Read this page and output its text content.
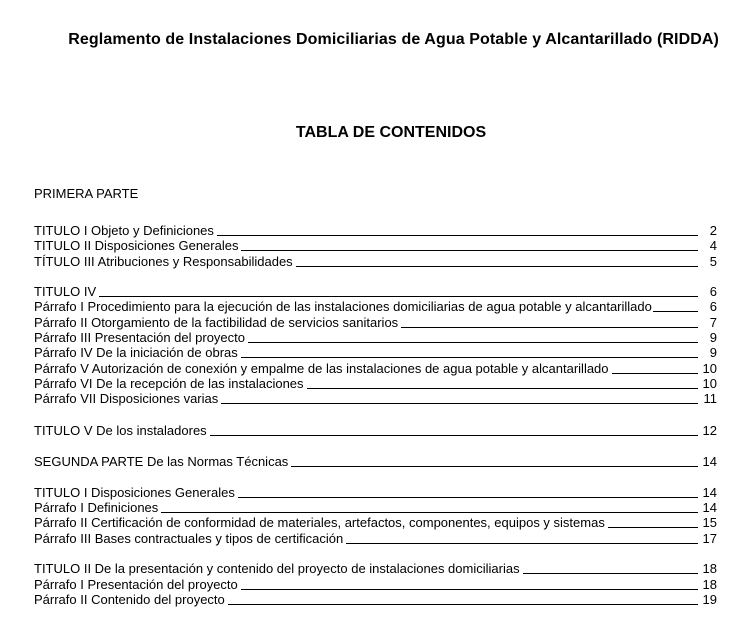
Reglamento de Instalaciones Domiciliarias de Agua Potable y Alcantarillado (RIDDA)
TABLA DE CONTENIDOS
PRIMERA PARTE
TITULO I Objeto y Definiciones	2
TITULO II Disposiciones Generales	4
TÍTULO III Atribuciones y Responsabilidades	5
TITULO IV	6
Párrafo I Procedimiento para la ejecución de las instalaciones domiciliarias de agua potable y alcantarillado	6
Párrafo II Otorgamiento de la factibilidad de servicios sanitarios	7
Párrafo III Presentación del proyecto	9
Párrafo IV De la iniciación de obras	9
Párrafo V Autorización de conexión y empalme de las instalaciones de agua potable y alcantarillado	10
Párrafo VI De la recepción de las instalaciones	10
Párrafo VII Disposiciones varias	11
TITULO V De los instaladores	12
SEGUNDA PARTE De las Normas Técnicas	14
TITULO I Disposiciones Generales	14
Párrafo I Definiciones	14
Párrafo II Certificación de conformidad de materiales, artefactos, componentes, equipos y sistemas	15
Párrafo III Bases contractuales y tipos de certificación	17
TITULO II De la presentación y contenido del proyecto de instalaciones domiciliarias	18
Párrafo I Presentación del proyecto	18
Párrafo II Contenido del proyecto	19
